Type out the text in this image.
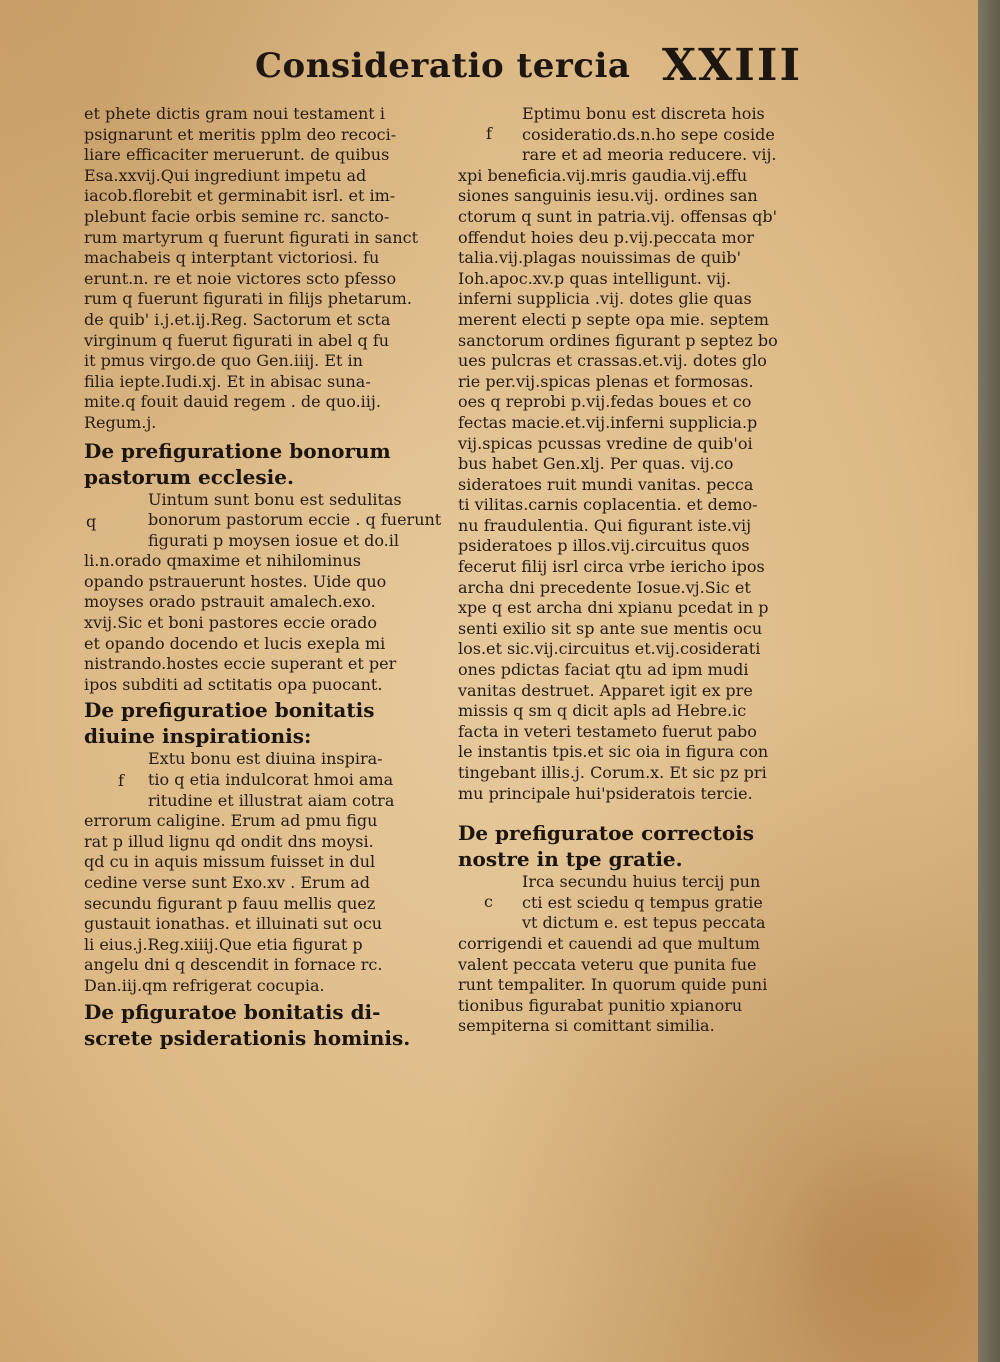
Consideratio tercia XXIII
et phete dictis gram noui testament i
psignarunt et meritis pplm deo recoci-
liare efficaciter meruerunt. de quibus
Esa.xxvij.Qui ingrediunt impetu ad
iacob.florebit et germinabit isrl. et im-
plebunt facie orbis semine rc. sancto-
rum martyrum q fuerunt figurati in sanct
machabeis q interptant victoriosi. fu
erunt.n. re et noie victores scto pfesso
rum q fuerunt figurati in filijs phetarum.
de quib' i.j.et.ij.Reg. Sactorum et scta
virginum q fuerut figurati in abel q fu
it pmus virgo.de quo Gen.iiij. Et in
filia iepte.Iudi.xj. Et in abisac suna-
mite.q fouit dauid regem . de quo.iij.
Regum.j.
De prefiguratione bonorum
pastorum ecclesie.
q
Uintum sunt bonu est sedulitas
bonorum pastorum eccie . q fuerunt
figurati p moysen iosue et do.il
li.n.orado qmaxime et nihilominus
opando pstrauerunt hostes. Uide quo
moyses orado pstrauit amalech.exo.
xvij.Sic et boni pastores eccie orado
et opando docendo et lucis exepla mi
nistrando.hostes eccie superant et per
ipos subditi ad sctitatis opa puocant.
De prefiguratioe bonitatis
diuine inspirationis:
f
Extu bonu est diuina inspira-
tio q etia indulcorat hmoi ama
ritudine et illustrat aiam cotra
errorum caligine. Erum ad pmu figu
rat p illud lignu qd ondit dns moysi.
qd cu in aquis missum fuisset in dul
cedine verse sunt Exo.xv . Erum ad
secundu figurant p fauu mellis quez
gustauit ionathas. et illuinati sut ocu
li eius.j.Reg.xiiij.Que etia figurat p
angelu dni q descendit in fornace rc.
Dan.iij.qm refrigerat cocupia.
De pfiguratoe bonitatis di-
screte psiderationis hominis.
f
Eptimu bonu est discreta hois
cosideratio.ds.n.ho sepe coside
rare et ad meoria reducere. vij.
xpi beneficia.vij.mris gaudia.vij.effu
siones sanguinis iesu.vij. ordines san
ctorum q sunt in patria.vij. offensas qb'
offendut hoies deu p.vij.peccata mor
talia.vij.plagas nouissimas de quib'
Ioh.apoc.xv.p quas intelligunt. vij.
inferni supplicia .vij. dotes glie quas
merent electi p septe opa mie. septem
sanctorum ordines figurant p septez bo
ues pulcras et crassas.et.vij. dotes glo
rie per.vij.spicas plenas et formosas.
oes q reprobi p.vij.fedas boues et co
fectas macie.et.vij.inferni supplicia.p
vij.spicas pcussas vredine de quib'oi
bus habet Gen.xlj. Per quas. vij.co
sideratoes ruit mundi vanitas. pecca
ti vilitas.carnis coplacentia. et demo-
nu fraudulentia. Qui figurant iste.vij
psideratoes p illos.vij.circuitus quos
fecerut filij isrl circa vrbe iericho ipos
archa dni precedente Iosue.vj.Sic et
xpe q est archa dni xpianu pcedat in p
senti exilio sit sp ante sue mentis ocu
los.et sic.vij.circuitus et.vij.cosiderati
ones pdictas faciat qtu ad ipm mudi
vanitas destruet. Apparet igit ex pre
missis q sm q dicit apls ad Hebre.ic
facta in veteri testameto fuerut pabo
le instantis tpis.et sic oia in figura con
tingebant illis.j. Corum.x. Et sic pz pri
mu principale hui'psideratois tercie.
De prefiguratoe correctois
nostre in tpe gratie.
c
Irca secundu huius tercij pun
cti est sciedu q tempus gratie
vt dictum e. est tepus peccata
corrigendi et cauendi ad que multum
valent peccata veteru que punita fue
runt tempaliter. In quorum quide puni
tionibus figurabat punitio xpianoru
sempiterna si comittant similia.
